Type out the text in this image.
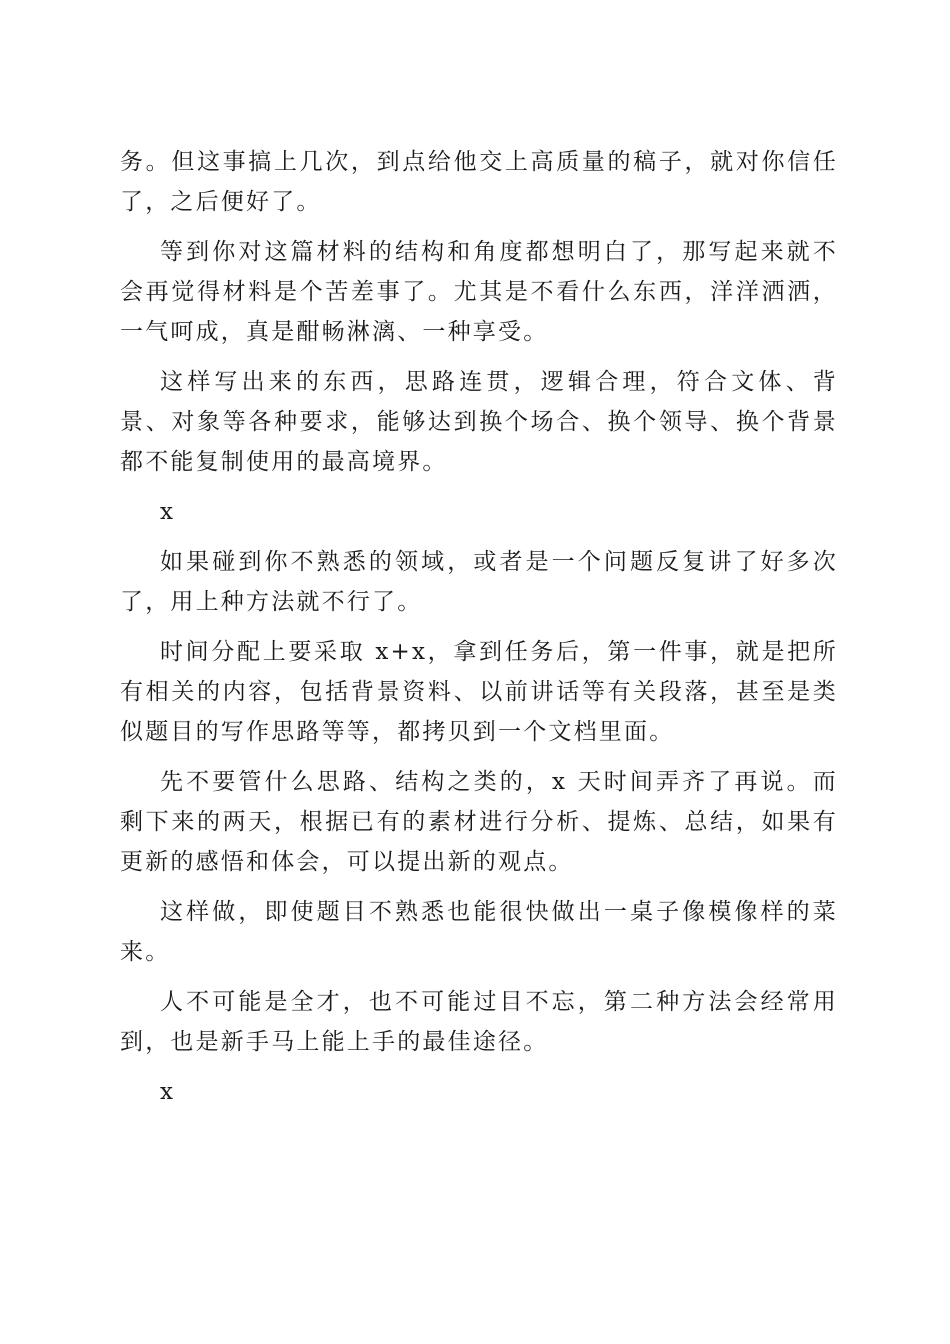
务。但这事搞上几次，到点给他交上高质量的稿子，就对你信任了，之后便好了。

等到你对这篇材料的结构和角度都想明白了，那写起来就不会再觉得材料是个苦差事了。尤其是不看什么东西，洋洋洒洒，一气呵成，真是酣畅淋漓、一种享受。

这样写出来的东西，思路连贯，逻辑合理，符合文体、背景、对象等各种要求，能够达到换个场合、换个领导、换个背景都不能复制使用的最高境界。

x

如果碰到你不熟悉的领域，或者是一个问题反复讲了好多次了，用上种方法就不行了。

时间分配上要采取 x+x，拿到任务后，第一件事，就是把所有相关的内容，包括背景资料、以前讲话等有关段落，甚至是类似题目的写作思路等等，都拷贝到一个文档里面。

先不要管什么思路、结构之类的，x 天时间弄齐了再说。而剩下来的两天，根据已有的素材进行分析、提炼、总结，如果有更新的感悟和体会，可以提出新的观点。

这样做，即使题目不熟悉也能很快做出一桌子像模像样的菜来。

人不可能是全才，也不可能过目不忘，第二种方法会经常用到，也是新手马上能上手的最佳途径。

x
